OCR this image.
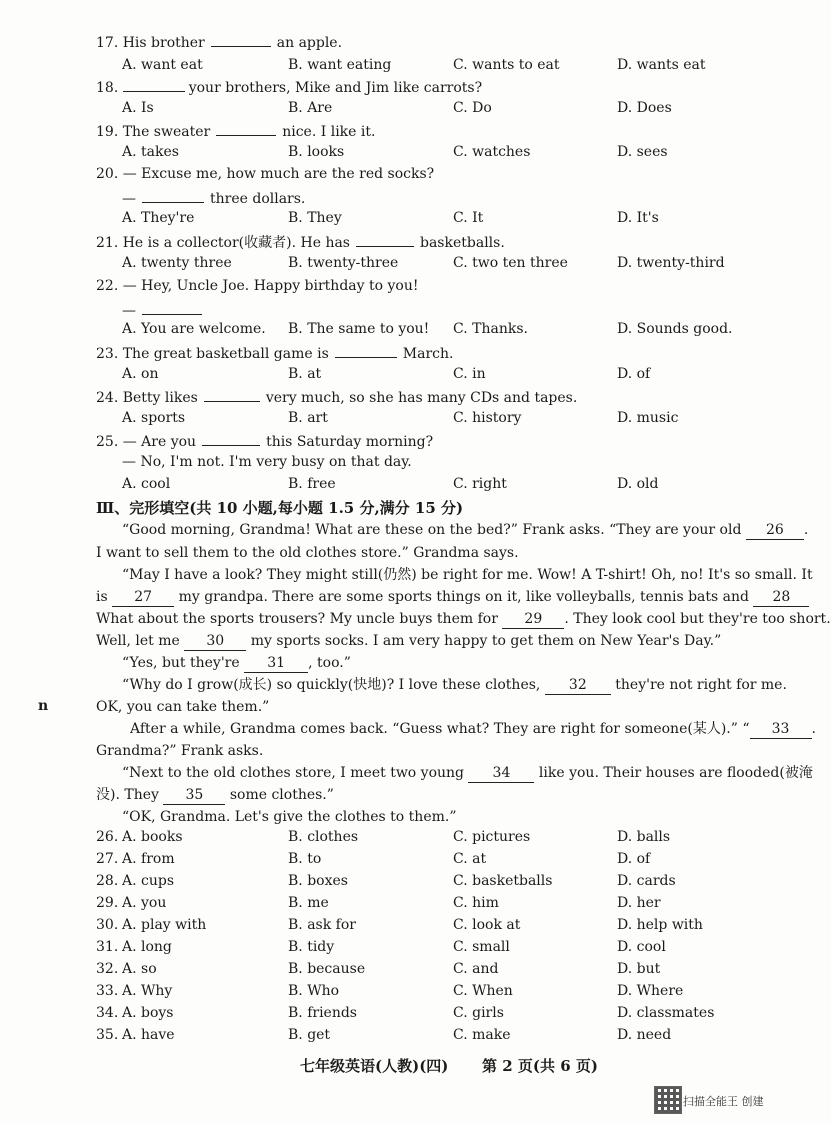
17. His brother	an apple.
A. want eat	B. want eating	C. wants to eat	D. wants eat
18.	your brothers, Mike and Jim like carrots?
A. Is	B. Are	C. Do	D. Does
19. The sweater	nice. I like it.
A. takes	B. looks	C. watches	D. sees
20. — Excuse me, how much are the red socks?
—	three dollars.
A. They're	B. They	C. It	D. It's
21. He is a collector(收藏者). He has	basketballs.
A. twenty three	B. twenty-three	C. two ten three	D. twenty-third
22. — Hey, Uncle Joe. Happy birthday to you!
—
A. You are welcome. B. The same to you! C. Thanks.	D. Sounds good.
23. The great basketball game is	March.
A. on	B. at	C. in	D. of
24. Betty likes	very much, so she has many CDs and tapes.
A. sports	B. art	C. history	D. music
25. — Are you	this Saturday morning?
— No, I'm not. I'm very busy on that day.
A. cool	B. free	C. right	D. old
Ⅲ、完形填空(共 10 小题,每小题 1.5 分,满分 15 分)
“Good morning, Grandma! What are these on the bed?” Frank asks. “They are your old 26 .
I want to sell them to the old clothes store.” Grandma says.
“May I have a look? They might still(仍然) be right for me. Wow! A T-shirt! Oh, no! It's so small. It
is 27 my grandpa. There are some sports things on it, like volleyballs, tennis bats and 28
What about the sports trousers? My uncle buys them for 29 . They look cool but they're too short.
Well, let me 30 my sports socks. I am very happy to get them on New Year's Day.”
“Yes, but they're 31 , too.”
“Why do I grow(成长) so quickly(快地)? I love these clothes, 32 they're not right for me.
OK, you can take them.”
After a while, Grandma comes back. “Guess what? They are right for someone(某人).” “ 33 .
Grandma?” Frank asks.
“Next to the old clothes store, I meet two young 34 like you. Their houses are flooded(被淹
没). They 35 some clothes.”
“OK, Grandma. Let's give the clothes to them.”
26. A. books	B. clothes	C. pictures	D. balls
27. A. from	B. to	C. at	D. of
28. A. cups	B. boxes	C. basketballs	D. cards
29. A. you	B. me	C. him	D. her
30. A. play with	B. ask for	C. look at	D. help with
31. A. long	B. tidy	C. small	D. cool
32. A. so	B. because	C. and	D. but
33. A. Why	B. Who	C. When	D. Where
34. A. boys	B. friends	C. girls	D. classmates
35. A. have	B. get	C. make	D. need
n
七年级英语(人教)(四) 第 2 页(共 6 页)
扫描全能王 创建
